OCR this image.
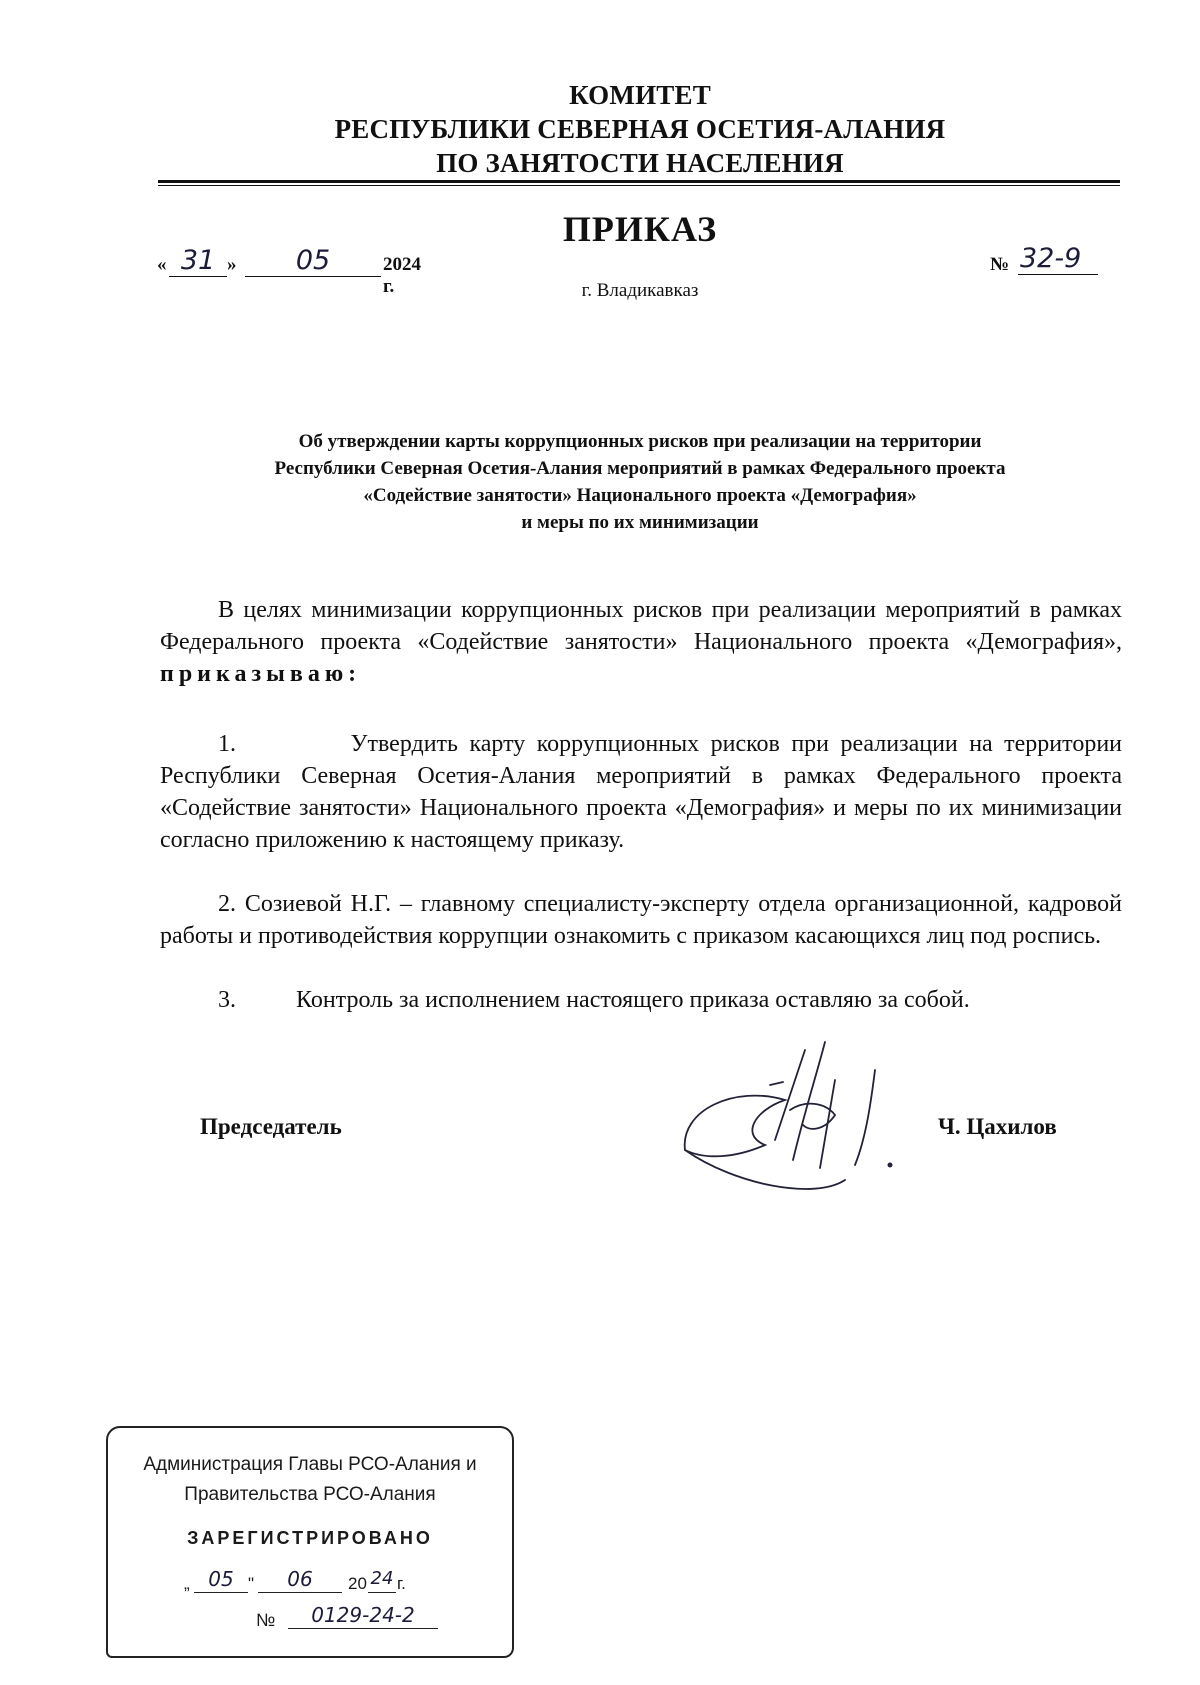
КОМИТЕТ
РЕСПУБЛИКИ СЕВЕРНАЯ ОСЕТИЯ-АЛАНИЯ
ПО ЗАНЯТОСТИ НАСЕЛЕНИЯ
ПРИКАЗ
« 31 »	05	2024 г.	г. Владикавказ
№ 32-9
Об утверждении карты коррупционных рисков при реализации на территории
Республики Северная Осетия-Алания мероприятий в рамках Федерального проекта
«Содействие занятости» Национального проекта «Демография»
и меры по их минимизации
В целях минимизации коррупционных рисков при реализации мероприятий в рамках Федерального проекта «Содействие занятости» Национального проекта «Демография», приказываю:
1.          Утвердить карту коррупционных рисков при реализации на территории Республики Северная Осетия-Алания мероприятий в рамках Федерального проекта «Содействие занятости» Национального проекта «Демография» и меры по их минимизации согласно приложению к настоящему приказу.
2. Созиевой Н.Г. – главному специалисту-эксперту отдела организационной, кадровой работы и противодействия коррупции ознакомить с приказом касающихся лиц под роспись.
3.          Контроль за исполнением настоящего приказа оставляю за собой.
Председатель	Ч. Цахилов
Администрация Главы РСО-Алания и
Правительства РСО-Алания
ЗАРЕГИСТРИРОВАНО
„ 05 "	06	20 24 г.
№	0129-24-2
